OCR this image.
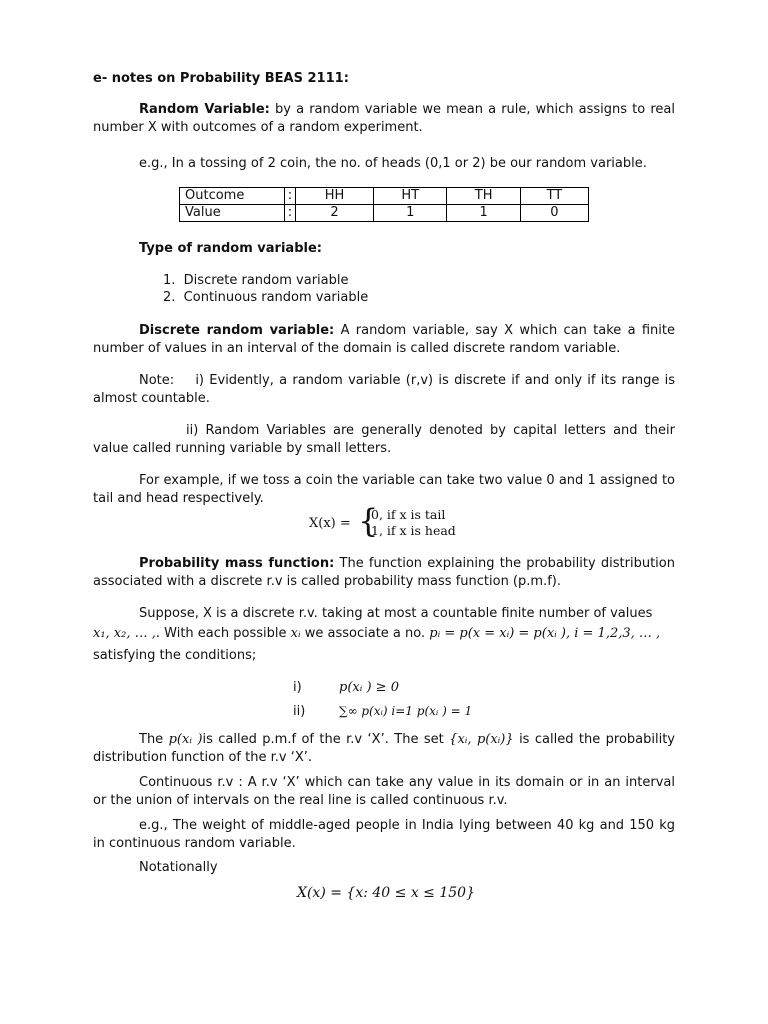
e- notes on Probability BEAS 2111:
Random Variable: by a random variable we mean a rule, which assigns to real number X with outcomes of a random experiment.
e.g., In a tossing of 2 coin, the no. of heads (0,1 or 2) be our random variable.
Outcome	:	HH	HT	TH	TT
Value	:	2	1	1	0
Type of random variable:
1.  Discrete random variable
2.  Continuous random variable
Discrete random variable: A random variable, say X which can take a finite number of values in an interval of the domain is called discrete random variable.
Note: i) Evidently, a random variable (r,v) is discrete if and only if its range is almost countable.
ii) Random Variables are generally denoted by capital letters and their value called running variable by small letters.
For example, if we toss a coin the variable can take two value 0 and 1 assigned to tail and head respectively.
X(x) = {
0, if x is tail
1, if x is head
Probability mass function: The function explaining the probability distribution associated with a discrete r.v is called probability mass function (p.m.f).
Suppose, X is a discrete r.v. taking at most a countable finite number of values
x₁, x₂, … ,. With each possible xᵢ we associate a no. pᵢ = p(x = xᵢ) = p(xᵢ ), i = 1,2,3, … ,
satisfying the conditions;
i)	p(xᵢ ) ≥ 0
ii)	∑∞ p(xᵢ) i=1 p(xᵢ ) = 1
The p(xᵢ )is called p.m.f of the r.v ‘X’. The set {xᵢ, p(xᵢ)} is called the probability distribution function of the r.v ‘X’.
Continuous r.v : A r.v ‘X’ which can take any value in its domain or in an interval or the union of intervals on the real line is called continuous r.v.
e.g., The weight of middle-aged people in India lying between 40 kg and 150 kg in continuous random variable.
Notationally
X(x) = {x: 40 ≤ x ≤ 150}
